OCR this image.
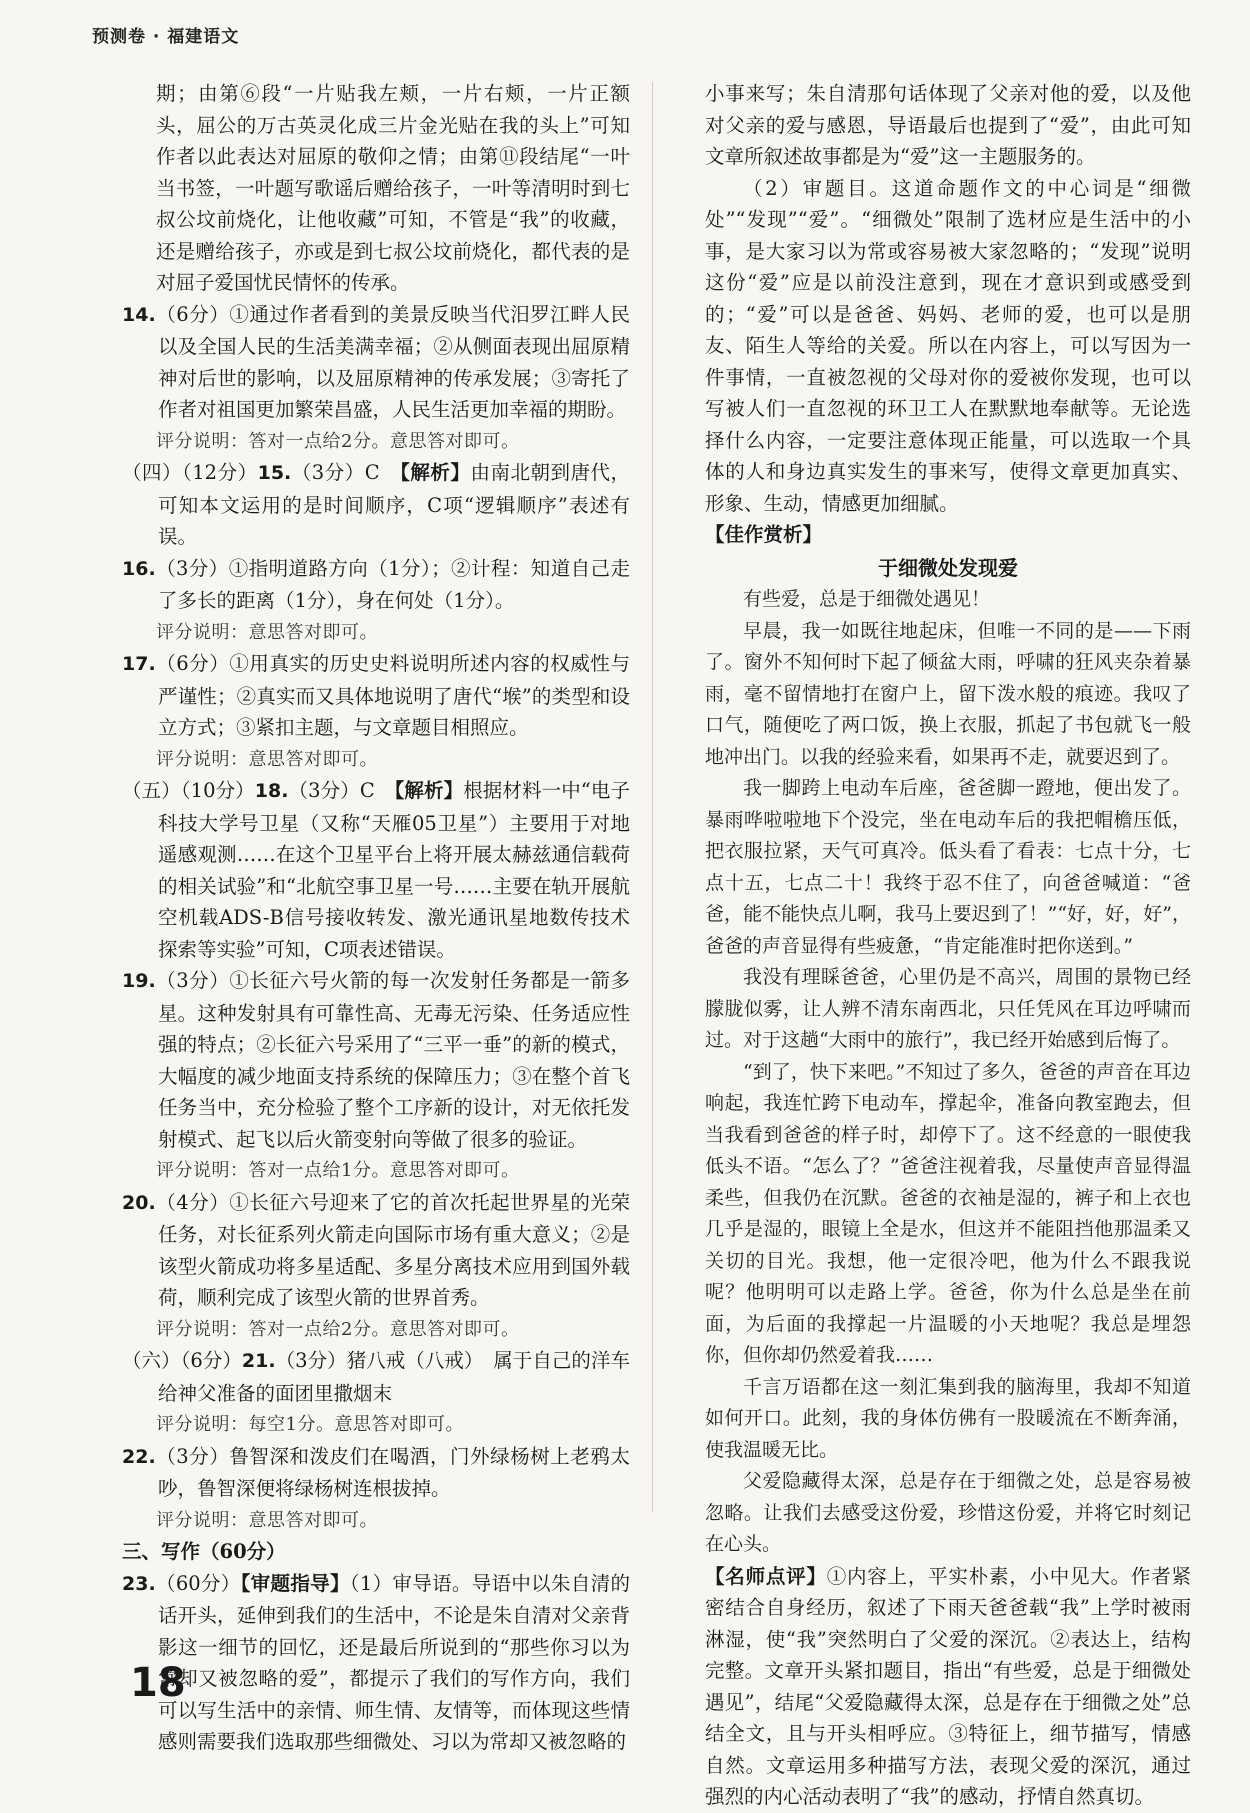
预测卷 · 福建语文

期；由第⑥段“一片贴我左颊，一片右颊，一片正额头，屈公的万古英灵化成三片金光贴在我的头上”可知作者以此表达对屈原的敬仰之情；由第⑪段结尾“一叶当书签，一叶题写歌谣后赠给孩子，一叶等清明时到七叔公坟前烧化，让他收藏”可知，不管是“我”的收藏，还是赠给孩子，亦或是到七叔公坟前烧化，都代表的是对屈子爱国忧民情怀的传承。

14.（6分）①通过作者看到的美景反映当代汨罗江畔人民以及全国人民的生活美满幸福；②从侧面表现出屈原精神对后世的影响，以及屈原精神的传承发展；③寄托了作者对祖国更加繁荣昌盛，人民生活更加幸福的期盼。

评分说明：答对一点给2分。意思答对即可。

（四）（12分）15.（3分）C　 【解析】由南北朝到唐代，可知本文运用的是时间顺序，C项“逻辑顺序”表述有误。

16.（3分）①指明道路方向（1分）；②计程：知道自己走了多长的距离（1分），身在何处（1分）。

评分说明：意思答对即可。

17.（6分）①用真实的历史史料说明所述内容的权威性与严谨性；②真实而又具体地说明了唐代“堠”的类型和设立方式；③紧扣主题，与文章题目相照应。

评分说明：意思答对即可。

（五）（10分）18.（3分）C　 【解析】根据材料一中“电子科技大学号卫星（又称“天雁05卫星”）主要用于对地遥感观测……在这个卫星平台上将开展太赫兹通信载荷的相关试验”和“北航空事卫星一号……主要在轨开展航空机载ADS-B信号接收转发、激光通讯星地数传技术探索等实验”可知，C项表述错误。

19.（3分）①长征六号火箭的每一次发射任务都是一箭多星。这种发射具有可靠性高、无毒无污染、任务适应性强的特点；②长征六号采用了“三平一垂”的新的模式，大幅度的减少地面支持系统的保障压力；③在整个首飞任务当中，充分检验了整个工序新的设计，对无依托发射模式、起飞以后火箭变射向等做了很多的验证。

评分说明：答对一点给1分。意思答对即可。

20.（4分）①长征六号迎来了它的首次托起世界星的光荣任务，对长征系列火箭走向国际市场有重大意义；②是该型火箭成功将多星适配、多星分离技术应用到国外载荷，顺利完成了该型火箭的世界首秀。

评分说明：答对一点给2分。意思答对即可。

（六）（6分）21.（3分）猪八戒（八戒）　属于自己的洋车　给神父准备的面团里撒烟末

评分说明：每空1分。意思答对即可。

22.（3分）鲁智深和泼皮们在喝酒，门外绿杨树上老鸦太吵，鲁智深便将绿杨树连根拔掉。

评分说明：意思答对即可。

三、写作（60分）

23.（60分）【审题指导】（1）审导语。导语中以朱自清的话开头，延伸到我们的生活中，不论是朱自清对父亲背影这一细节的回忆，还是最后所说到的“那些你习以为常却又被忽略的爱”，都提示了我们的写作方向，我们可以写生活中的亲情、师生情、友情等，而体现这些情感则需要我们选取那些细微处、习以为常却又被忽略的

小事来写；朱自清那句话体现了父亲对他的爱，以及他对父亲的爱与感恩，导语最后也提到了“爱”，由此可知文章所叙述故事都是为“爱”这一主题服务的。

（2）审题目。这道命题作文的中心词是“细微处”“发现”“爱”。“细微处”限制了选材应是生活中的小事，是大家习以为常或容易被大家忽略的；“发现”说明这份“爱”应是以前没注意到，现在才意识到或感受到的；“爱”可以是爸爸、妈妈、老师的爱，也可以是朋友、陌生人等给的关爱。所以在内容上，可以写因为一件事情，一直被忽视的父母对你的爱被你发现，也可以写被人们一直忽视的环卫工人在默默地奉献等。无论选择什么内容，一定要注意体现正能量，可以选取一个具体的人和身边真实发生的事来写，使得文章更加真实、形象、生动，情感更加细腻。

【佳作赏析】

于细微处发现爱

有些爱，总是于细微处遇见！

早晨，我一如既往地起床，但唯一不同的是——下雨了。窗外不知何时下起了倾盆大雨，呼啸的狂风夹杂着暴雨，毫不留情地打在窗户上，留下泼水般的痕迹。我叹了口气，随便吃了两口饭，换上衣服，抓起了书包就飞一般地冲出门。以我的经验来看，如果再不走，就要迟到了。

我一脚跨上电动车后座，爸爸脚一蹬地，便出发了。暴雨哗啦啦地下个没完，坐在电动车后的我把帽檐压低，把衣服拉紧，天气可真冷。低头看了看表：七点十分，七点十五，七点二十！我终于忍不住了，向爸爸喊道：“爸爸，能不能快点儿啊，我马上要迟到了！”“好，好，好”，爸爸的声音显得有些疲惫，“肯定能准时把你送到。”

我没有理睬爸爸，心里仍是不高兴，周围的景物已经朦胧似雾，让人辨不清东南西北，只任凭风在耳边呼啸而过。对于这趟“大雨中的旅行”，我已经开始感到后悔了。

“到了，快下来吧。”不知过了多久，爸爸的声音在耳边响起，我连忙跨下电动车，撑起伞，准备向教室跑去，但当我看到爸爸的样子时，却停下了。这不经意的一眼使我低头不语。“怎么了？”爸爸注视着我，尽量使声音显得温柔些，但我仍在沉默。爸爸的衣袖是湿的，裤子和上衣也几乎是湿的，眼镜上全是水，但这并不能阻挡他那温柔又关切的目光。我想，他一定很冷吧，他为什么不跟我说呢？他明明可以走路上学。爸爸，你为什么总是坐在前面，为后面的我撑起一片温暖的小天地呢？我总是埋怨你，但你却仍然爱着我……

千言万语都在这一刻汇集到我的脑海里，我却不知道如何开口。此刻，我的身体仿佛有一股暖流在不断奔涌，使我温暖无比。

父爱隐藏得太深，总是存在于细微之处，总是容易被忽略。让我们去感受这份爱，珍惜这份爱，并将它时刻记在心头。

【名师点评】①内容上，平实朴素，小中见大。作者紧密结合自身经历，叙述了下雨天爸爸载“我”上学时被雨淋湿，使“我”突然明白了父爱的深沉。②表达上，结构完整。文章开头紧扣题目，指出“有些爱，总是于细微处遇见”，结尾“父爱隐藏得太深，总是存在于细微之处”总结全文，且与开头相呼应。③特征上，细节描写，情感自然。文章运用多种描写方法，表现父爱的深沉，通过强烈的内心活动表明了“我”的感动，抒情自然真切。

18
